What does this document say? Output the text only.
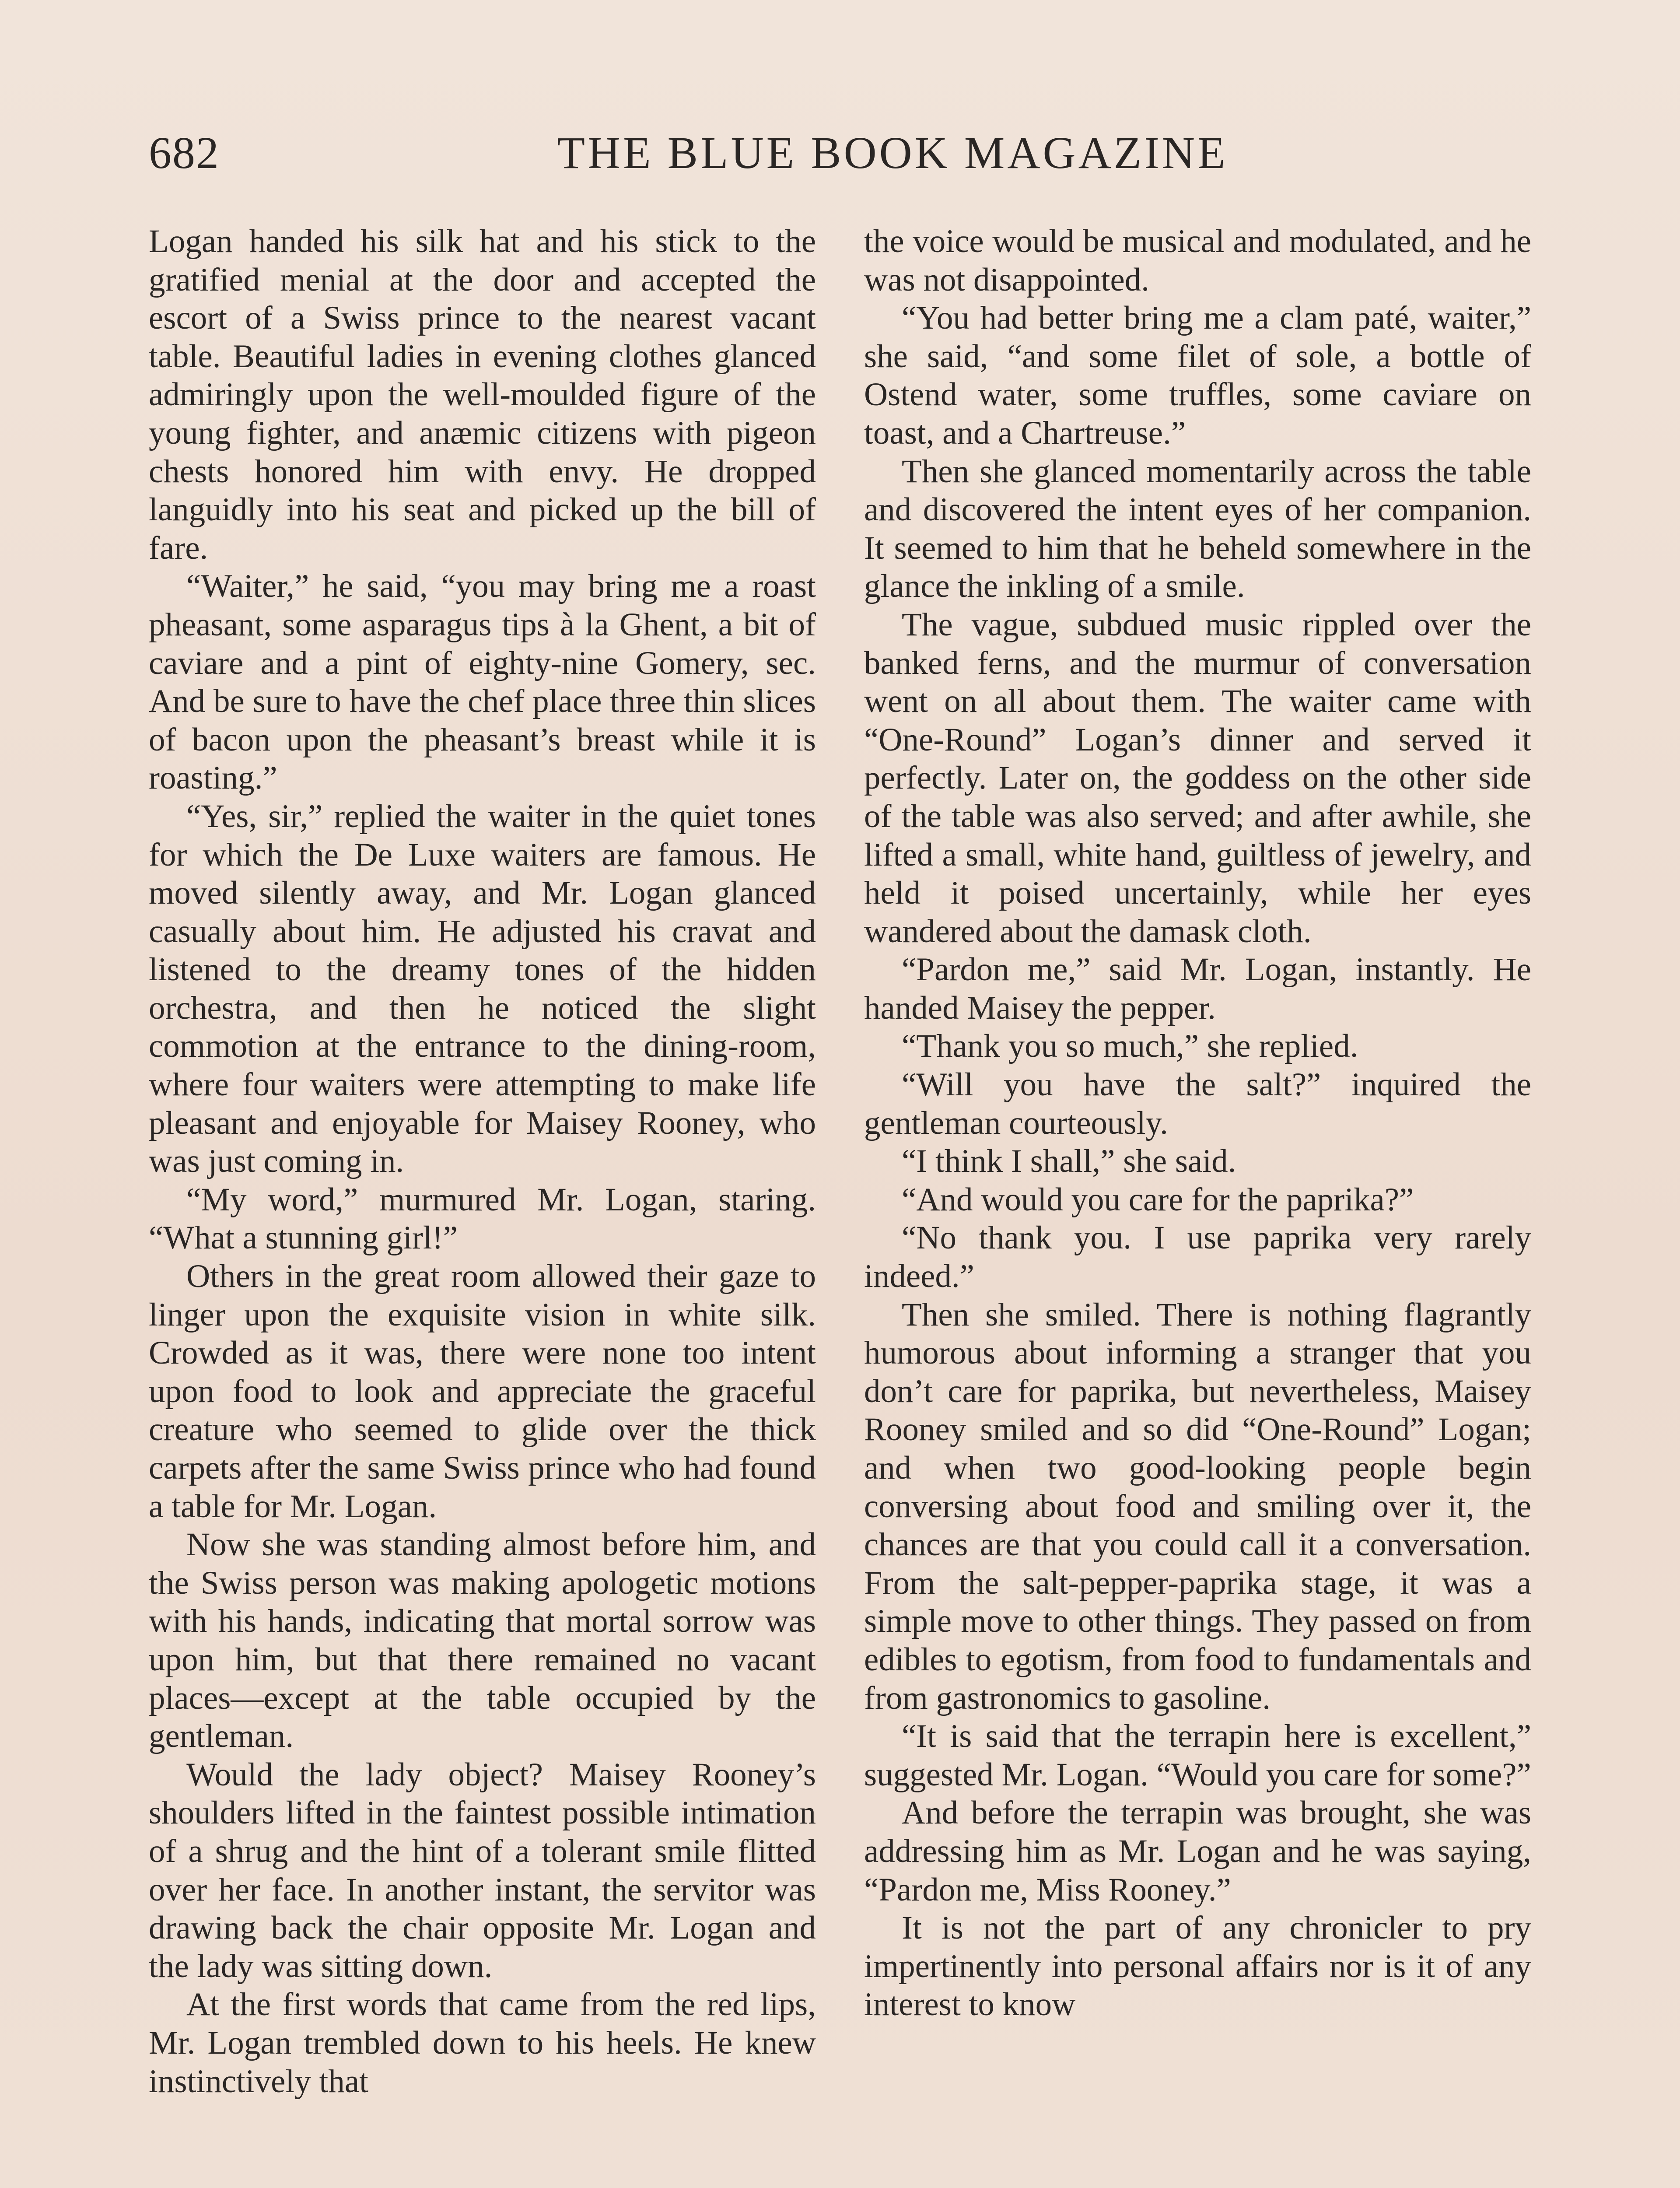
682	THE BLUE BOOK MAGAZINE

Logan handed his silk hat and his stick to the gratified menial at the door and accepted the escort of a Swiss prince to the nearest vacant table. Beautiful ladies in evening clothes glanced admiringly upon the well-moulded figure of the young fighter, and anæmic citizens with pigeon chests honored him with envy. He dropped languidly into his seat and picked up the bill of fare.

“Waiter,” he said, “you may bring me a roast pheasant, some asparagus tips à la Ghent, a bit of caviare and a pint of eighty-nine Gomery, sec. And be sure to have the chef place three thin slices of bacon upon the pheasant’s breast while it is roasting.”

“Yes, sir,” replied the waiter in the quiet tones for which the De Luxe waiters are famous. He moved silently away, and Mr. Logan glanced casually about him. He adjusted his cravat and listened to the dreamy tones of the hidden orchestra, and then he noticed the slight commotion at the entrance to the dining-room, where four waiters were attempting to make life pleasant and enjoyable for Maisey Rooney, who was just coming in.

“My word,” murmured Mr. Logan, staring. “What a stunning girl!”

Others in the great room allowed their gaze to linger upon the exquisite vision in white silk. Crowded as it was, there were none too intent upon food to look and appreciate the graceful creature who seemed to glide over the thick carpets after the same Swiss prince who had found a table for Mr. Logan.

Now she was standing almost before him, and the Swiss person was making apologetic motions with his hands, indicating that mortal sorrow was upon him, but that there remained no vacant places—except at the table occupied by the gentleman.

Would the lady object? Maisey Rooney’s shoulders lifted in the faintest possible intimation of a shrug and the hint of a tolerant smile flitted over her face. In another instant, the servitor was drawing back the chair opposite Mr. Logan and the lady was sitting down.

At the first words that came from the red lips, Mr. Logan trembled down to his heels. He knew instinctively that

the voice would be musical and modulated, and he was not disappointed.

“You had better bring me a clam paté, waiter,” she said, “and some filet of sole, a bottle of Ostend water, some truffles, some caviare on toast, and a Chartreuse.”

Then she glanced momentarily across the table and discovered the intent eyes of her companion. It seemed to him that he beheld somewhere in the glance the inkling of a smile.

The vague, subdued music rippled over the banked ferns, and the murmur of conversation went on all about them. The waiter came with “One-Round” Logan’s dinner and served it perfectly. Later on, the goddess on the other side of the table was also served; and after awhile, she lifted a small, white hand, guiltless of jewelry, and held it poised uncertainly, while her eyes wandered about the damask cloth.

“Pardon me,” said Mr. Logan, instantly. He handed Maisey the pepper.

“Thank you so much,” she replied.

“Will you have the salt?” inquired the gentleman courteously.

“I think I shall,” she said.

“And would you care for the paprika?”

“No thank you. I use paprika very rarely indeed.”

Then she smiled. There is nothing flagrantly humorous about informing a stranger that you don’t care for paprika, but nevertheless, Maisey Rooney smiled and so did “One-Round” Logan; and when two good-looking people begin conversing about food and smiling over it, the chances are that you could call it a conversation. From the salt-pepper-paprika stage, it was a simple move to other things. They passed on from edibles to egotism, from food to fundamentals and from gastronomics to gasoline.

“It is said that the terrapin here is excellent,” suggested Mr. Logan. “Would you care for some?”

And before the terrapin was brought, she was addressing him as Mr. Logan and he was saying, “Pardon me, Miss Rooney.”

It is not the part of any chronicler to pry impertinently into personal affairs nor is it of any interest to know
